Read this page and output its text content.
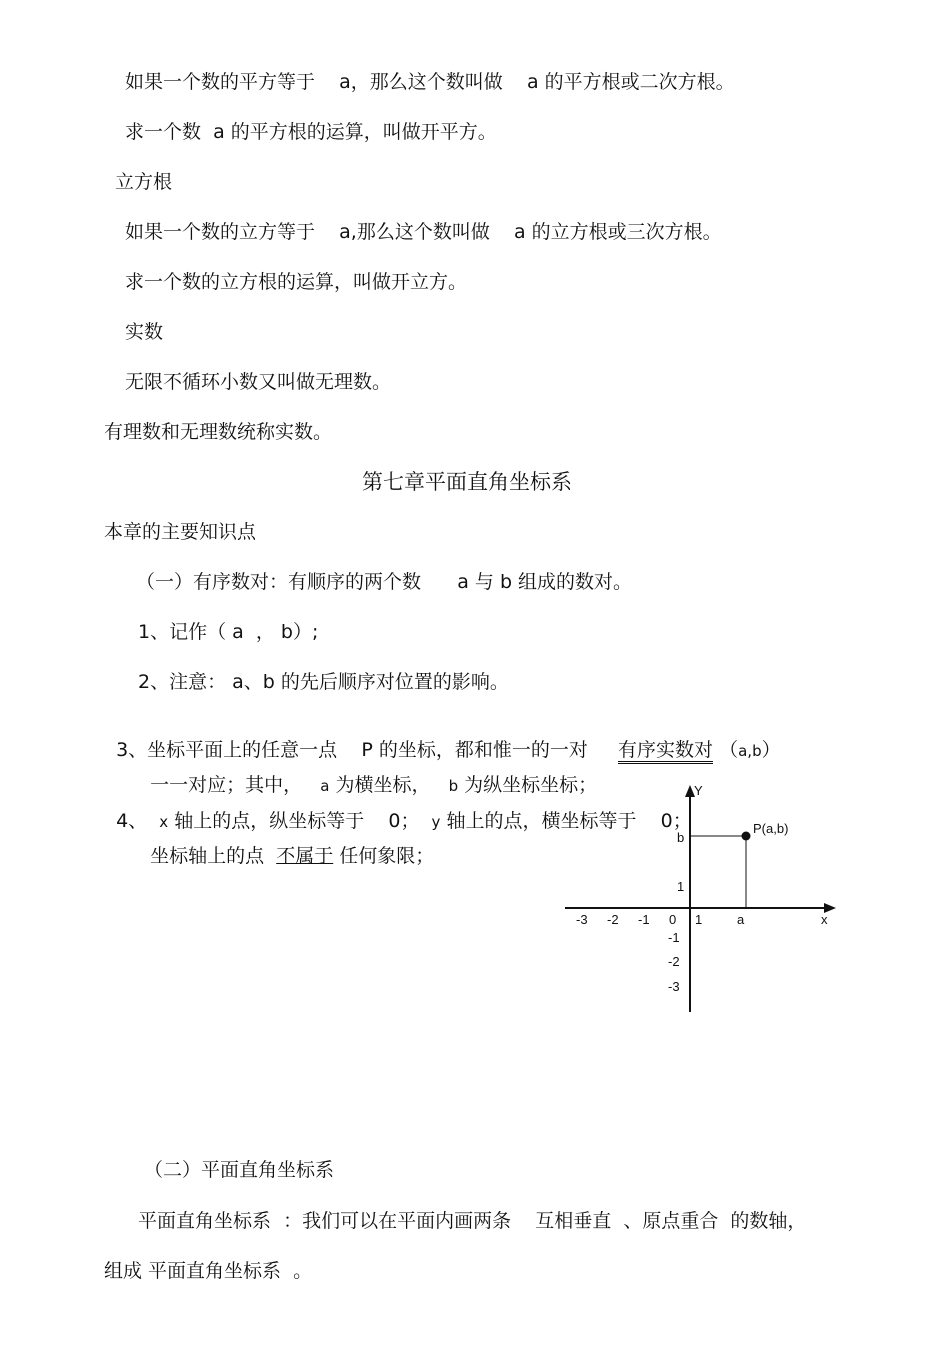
如果一个数的平方等于    a，那么这个数叫做    a 的平方根或二次方根。
求一个数  a 的平方根的运算，叫做开平方。
立方根
如果一个数的立方等于    a,那么这个数叫做    a 的立方根或三次方根。
求一个数的立方根的运算，叫做开立方。
实数
无限不循环小数又叫做无理数。
有理数和无理数统称实数。
第七章平面直角坐标系
本章的主要知识点
（一）有序数对：有顺序的两个数      a 与 b 组成的数对。
1、记作（ a  ， b）;
2、注意： a、b 的先后顺序对位置的影响。

3、坐标平面上的任意一点    P 的坐标，都和惟一的一对     有序实数对 （a,b）

一一对应；其中，   a 为横坐标，   b 为纵坐标坐标；

4、  x 轴上的点，纵坐标等于    0；  y 轴上的点，横坐标等于    0；

坐标轴上的点  不属于 任何象限；

Y
x
P(a,b)
b
a
0
-3 -2 -1	1
1
-1
-2
-3
（二）平面直角坐标系
平面直角坐标系  ：我们可以在平面内画两条    互相垂直  、原点重合  的数轴，
组成 平面直角坐标系  。
